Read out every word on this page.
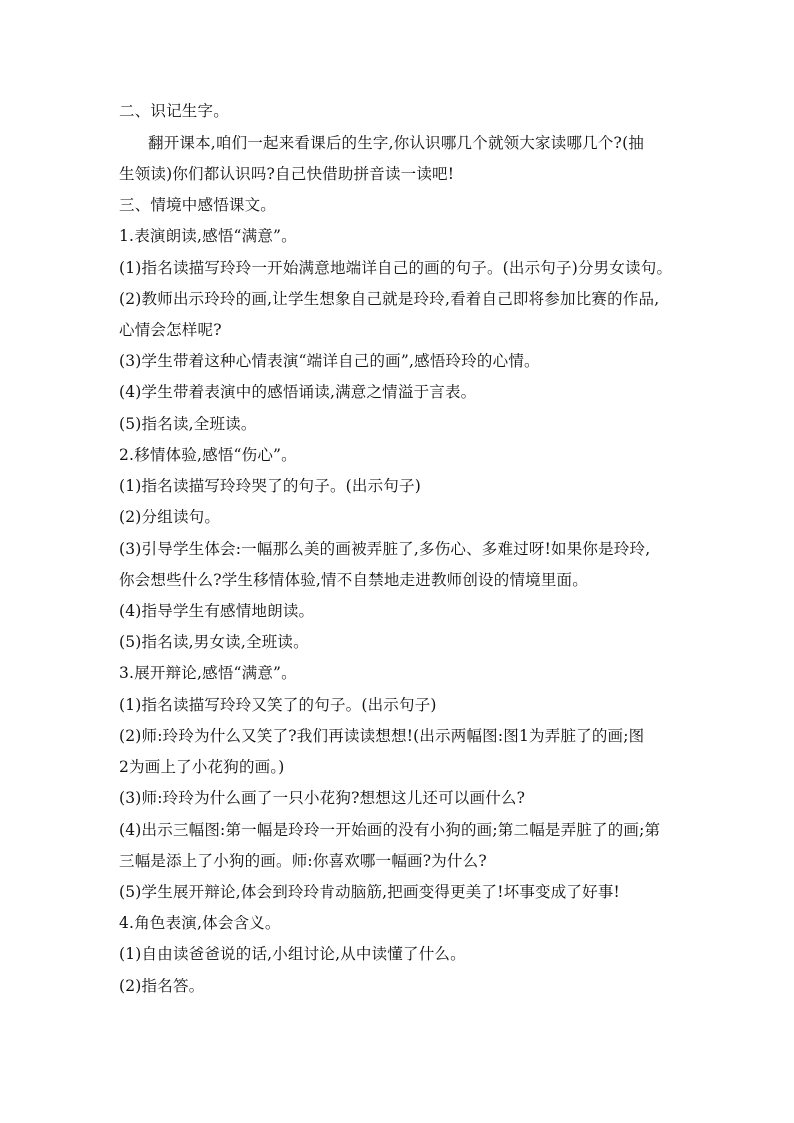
二、识记生字。
翻开课本,咱们一起来看课后的生字,你认识哪几个就领大家读哪几个?(抽
生领读)你们都认识吗?自己快借助拼音读一读吧!
三、情境中感悟课文。
1.表演朗读,感悟“满意”。
(1)指名读描写玲玲一开始满意地端详自己的画的句子。(出示句子)分男女读句。
(2)教师出示玲玲的画,让学生想象自己就是玲玲,看着自己即将参加比赛的作品,
心情会怎样呢?
(3)学生带着这种心情表演“端详自己的画”,感悟玲玲的心情。
(4)学生带着表演中的感悟诵读,满意之情溢于言表。
(5)指名读,全班读。
2.移情体验,感悟“伤心”。
(1)指名读描写玲玲哭了的句子。(出示句子)
(2)分组读句。
(3)引导学生体会:一幅那么美的画被弄脏了,多伤心、多难过呀!如果你是玲玲,
你会想些什么?学生移情体验,情不自禁地走进教师创设的情境里面。
(4)指导学生有感情地朗读。
(5)指名读,男女读,全班读。
3.展开辩论,感悟“满意”。
(1)指名读描写玲玲又笑了的句子。(出示句子)
(2)师:玲玲为什么又笑了?我们再读读想想!(出示两幅图:图1为弄脏了的画;图
2为画上了小花狗的画。)
(3)师:玲玲为什么画了一只小花狗?想想这儿还可以画什么?
(4)出示三幅图:第一幅是玲玲一开始画的没有小狗的画;第二幅是弄脏了的画;第
三幅是添上了小狗的画。师:你喜欢哪一幅画?为什么?
(5)学生展开辩论,体会到玲玲肯动脑筋,把画变得更美了!坏事变成了好事!
4.角色表演,体会含义。
(1)自由读爸爸说的话,小组讨论,从中读懂了什么。
(2)指名答。
